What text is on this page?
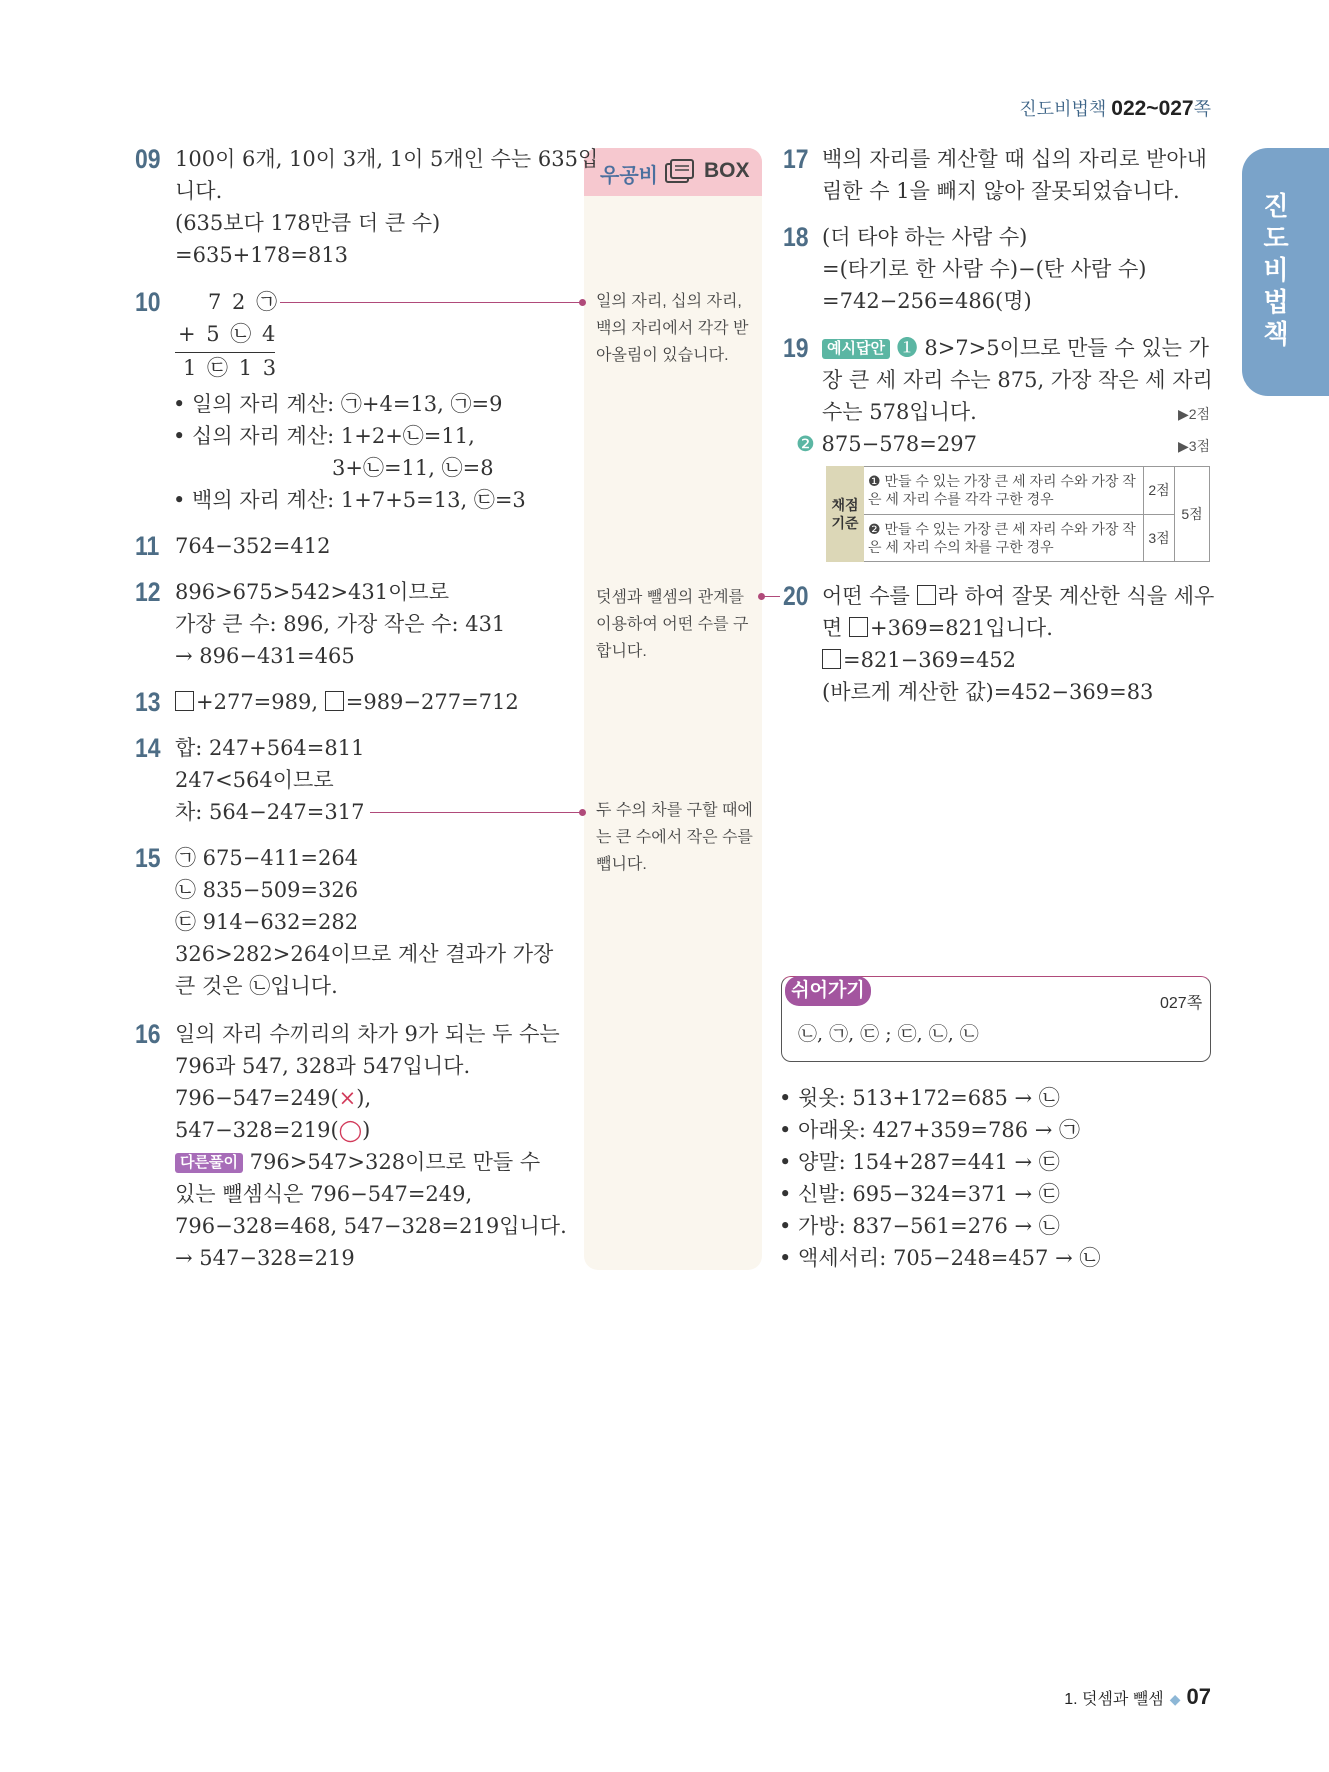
진도비법책 022~027쪽
진도비법책
우공비 BOX
일의 자리, 십의 자리, 백의 자리에서 각각 받아올림이 있습니다.
덧셈과 뺄셈의 관계를 이용하여 어떤 수를 구합니다.
두 수의 차를 구할 때에는 큰 수에서 작은 수를 뺍니다.
09 100이 6개, 10이 3개, 1이 5개인 수는 635입
니다.
(635보다 178만큼 더 큰 수)
=635+178=813
10 7 2 ㉠
+ 5 ㉡ 4
1 ㉢ 1 3
• 일의 자리 계산: ㉠+4=13, ㉠=9
• 십의 자리 계산: 1+2+㉡=11,
3+㉡=11, ㉡=8
• 백의 자리 계산: 1+7+5=13, ㉢=3
11 764−352=412
12 896>675>542>431이므로
가장 큰 수: 896, 가장 작은 수: 431
→ 896−431=465
13	+277=989, =989−277=712
14 합: 247+564=811
247<564이므로
차: 564−247=317
15 ㉠ 675−411=264
㉡ 835−509=326
㉢ 914−632=282
326>282>264이므로 계산 결과가 가장
큰 것은 ㉡입니다.
16 일의 자리 수끼리의 차가 9가 되는 두 수는
796과 547, 328과 547입니다.
796−547=249(×),
547−328=219(◯)
다른풀이 796>547>328이므로 만들 수
있는 뺄셈식은 796−547=249,
796−328=468, 547−328=219입니다.
→ 547−328=219
17 백의 자리를 계산할 때 십의 자리로 받아내
림한 수 1을 빼지 않아 잘못되었습니다.
18 (더 타야 하는 사람 수)
=(타기로 한 사람 수)−(탄 사람 수)
=742−256=486(명)
19	예시답안 ❶ 8>7>5이므로 만들 수 있는 가
장 큰 세 자리 수는 875, 가장 작은 세 자리
수는 578입니다.	▶2점
❷ 875−578=297	▶3점
채점 기준	❶ 만들 수 있는 가장 큰 세 자리 수와 가장 작은 세 자리 수를 각각 구한 경우	2점	5점
	❷ 만들 수 있는 가장 큰 세 자리 수와 가장 작은 세 자리 수의 차를 구한 경우	3점	
20 어떤 수를 라 하여 잘못 계산한 식을 세우
면 +369=821입니다.
=821−369=452
(바르게 계산한 값)=452−369=83
쉬어가기
027쪽
㉡, ㉠, ㉢ ; ㉢, ㉡, ㉡
• 윗옷: 513+172=685 → ㉡
• 아래옷: 427+359=786 → ㉠
• 양말: 154+287=441 → ㉢
• 신발: 695−324=371 → ㉢
• 가방: 837−561=276 → ㉡
• 액세서리: 705−248=457 → ㉡
1. 덧셈과 뺄셈 ◆ 07
